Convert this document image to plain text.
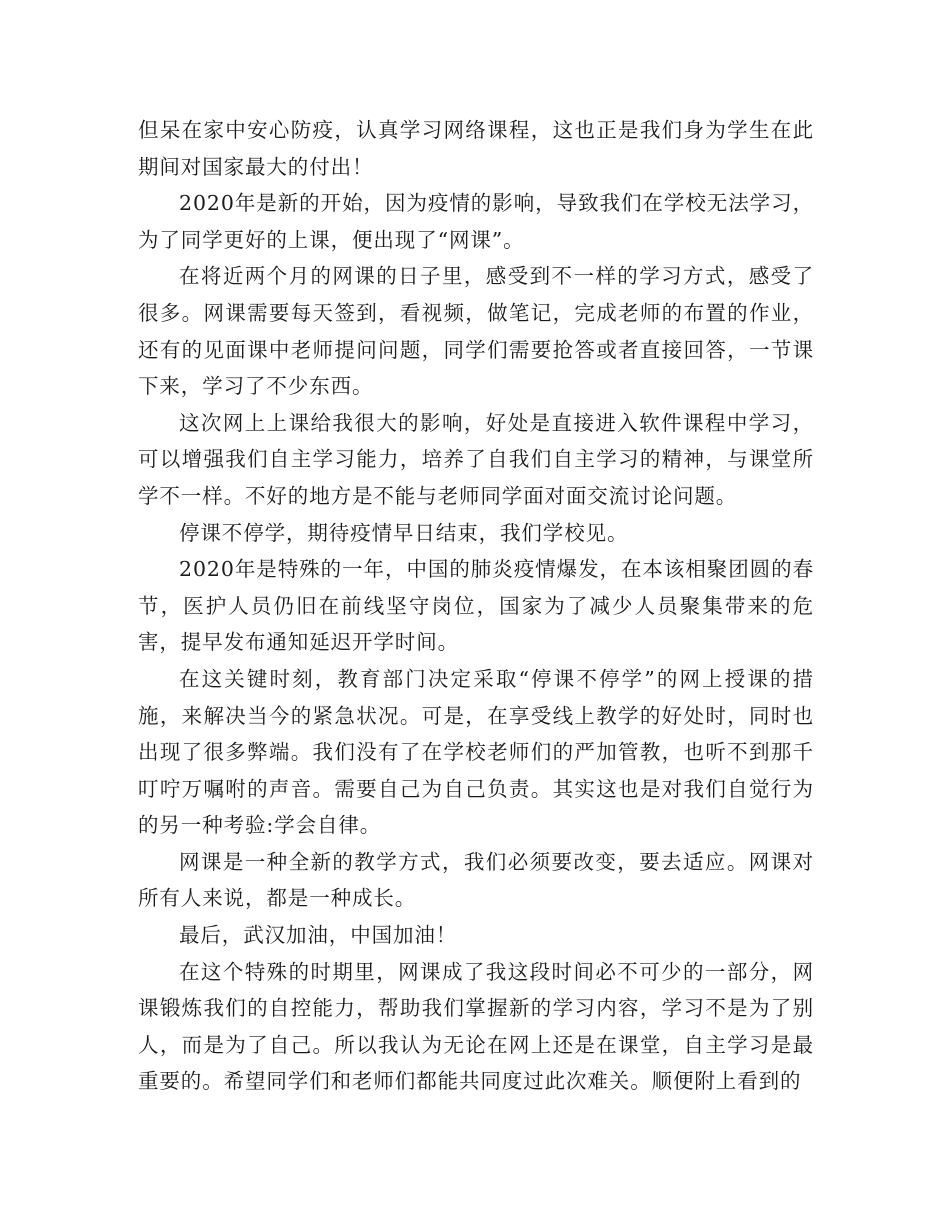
但呆在家中安心防疫，认真学习网络课程，这也正是我们身为学生在此期间对国家最大的付出！

2020年是新的开始，因为疫情的影响，导致我们在学校无法学习，为了同学更好的上课，便出现了“网课”。

在将近两个月的网课的日子里，感受到不一样的学习方式，感受了很多。网课需要每天签到，看视频，做笔记，完成老师的布置的作业，还有的见面课中老师提问问题，同学们需要抢答或者直接回答，一节课下来，学习了不少东西。

这次网上上课给我很大的影响，好处是直接进入软件课程中学习，可以增强我们自主学习能力，培养了自我们自主学习的精神，与课堂所学不一样。不好的地方是不能与老师同学面对面交流讨论问题。

停课不停学，期待疫情早日结束，我们学校见。

2020年是特殊的一年，中国的肺炎疫情爆发，在本该相聚团圆的春节，医护人员仍旧在前线坚守岗位，国家为了减少人员聚集带来的危害，提早发布通知延迟开学时间。

在这关键时刻，教育部门决定采取“停课不停学”的网上授课的措施，来解决当今的紧急状况。可是，在享受线上教学的好处时，同时也出现了很多弊端。我们没有了在学校老师们的严加管教，也听不到那千叮咛万嘱咐的声音。需要自己为自己负责。其实这也是对我们自觉行为的另一种考验:学会自律。

网课是一种全新的教学方式，我们必须要改变，要去适应。网课对所有人来说，都是一种成长。

最后，武汉加油，中国加油！

在这个特殊的时期里，网课成了我这段时间必不可少的一部分，网课锻炼我们的自控能力，帮助我们掌握新的学习内容，学习不是为了别人，而是为了自己。所以我认为无论在网上还是在课堂，自主学习是最重要的。希望同学们和老师们都能共同度过此次难关。顺便附上看到的
